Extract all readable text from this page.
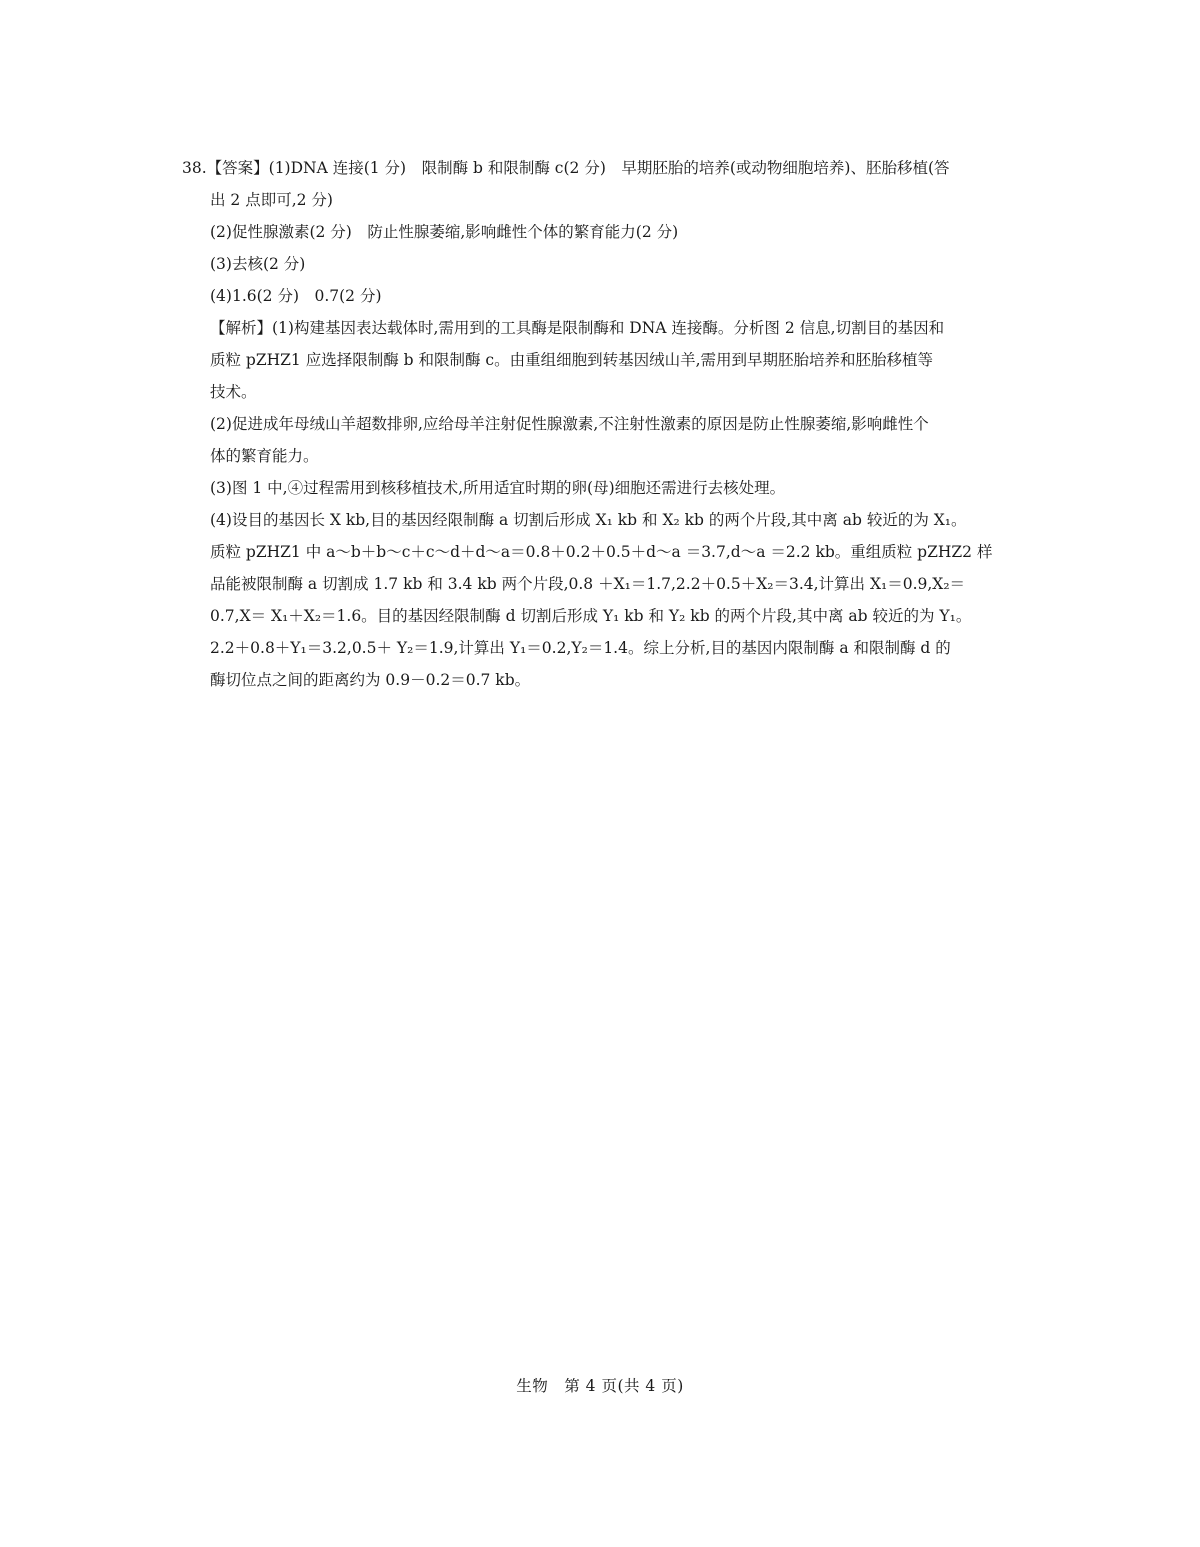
38.【答案】(1)DNA 连接(1 分)　限制酶 b 和限制酶 c(2 分)　早期胚胎的培养(或动物细胞培养)、胚胎移植(答
出 2 点即可,2 分)
(2)促性腺激素(2 分)　防止性腺萎缩,影响雌性个体的繁育能力(2 分)
(3)去核(2 分)
(4)1.6(2 分)　0.7(2 分)
【解析】(1)构建基因表达载体时,需用到的工具酶是限制酶和 DNA 连接酶。分析图 2 信息,切割目的基因和
质粒 pZHZ1 应选择限制酶 b 和限制酶 c。由重组细胞到转基因绒山羊,需用到早期胚胎培养和胚胎移植等
技术。
(2)促进成年母绒山羊超数排卵,应给母羊注射促性腺激素,不注射性激素的原因是防止性腺萎缩,影响雌性个
体的繁育能力。
(3)图 1 中,④过程需用到核移植技术,所用适宜时期的卵(母)细胞还需进行去核处理。
(4)设目的基因长 X kb,目的基因经限制酶 a 切割后形成 X₁ kb 和 X₂ kb 的两个片段,其中离 ab 较近的为 X₁。
质粒 pZHZ1 中 a～b＋b～c＋c～d＋d～a＝0.8＋0.2＋0.5＋d～a ＝3.7,d～a ＝2.2 kb。重组质粒 pZHZ2 样
品能被限制酶 a 切割成 1.7 kb 和 3.4 kb 两个片段,0.8 ＋X₁＝1.7,2.2＋0.5＋X₂＝3.4,计算出 X₁＝0.9,X₂＝
0.7,X＝ X₁＋X₂＝1.6。目的基因经限制酶 d 切割后形成 Y₁ kb 和 Y₂ kb 的两个片段,其中离 ab 较近的为 Y₁。
2.2＋0.8＋Y₁＝3.2,0.5＋ Y₂＝1.9,计算出 Y₁＝0.2,Y₂＝1.4。综上分析,目的基因内限制酶 a 和限制酶 d 的
酶切位点之间的距离约为 0.9－0.2＝0.7 kb。
生物　第 4 页(共 4 页)
